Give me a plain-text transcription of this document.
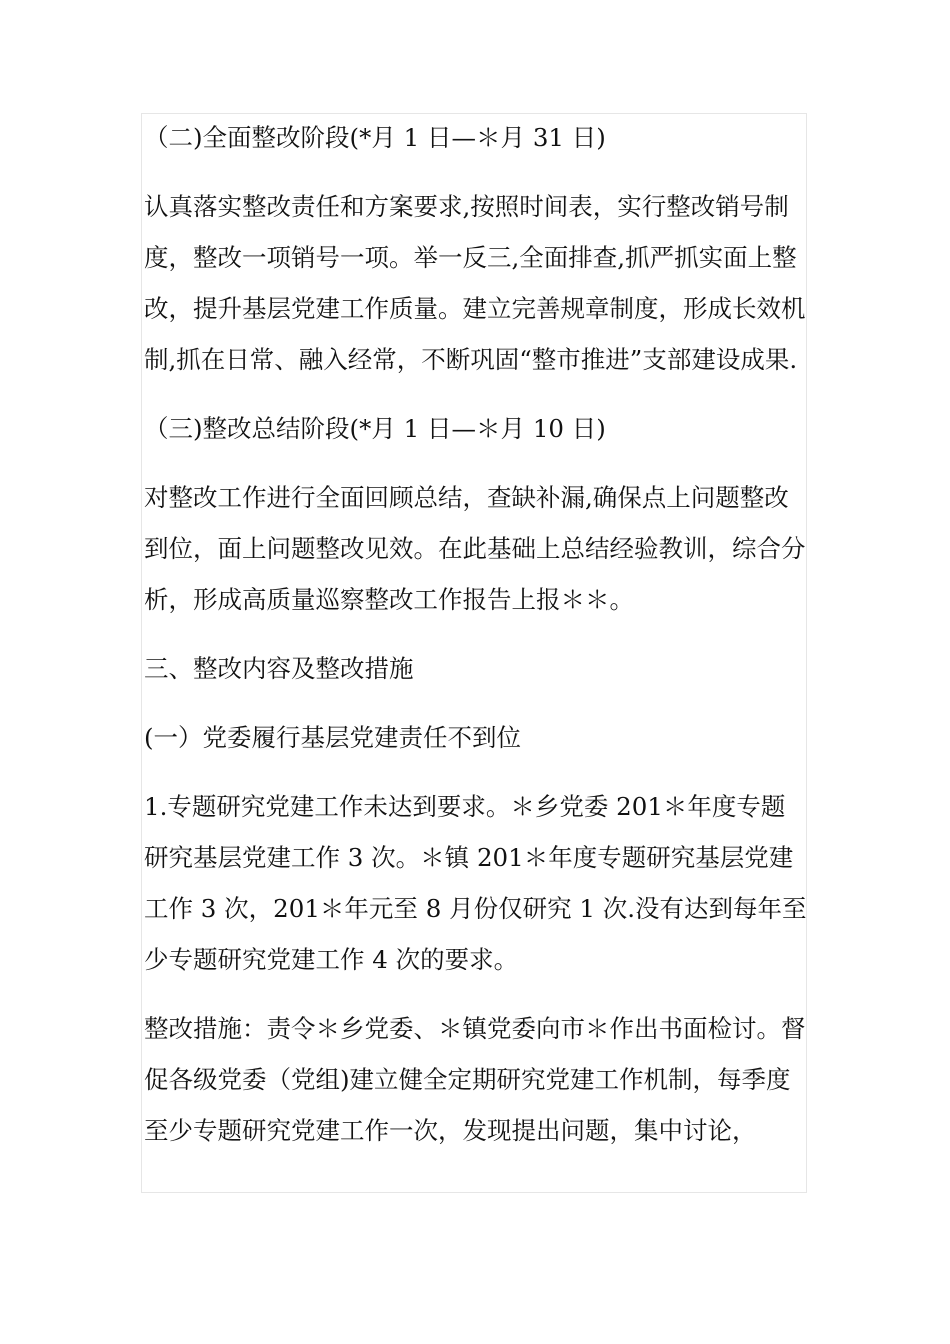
（二)全面整改阶段(*月 1 日—＊月 31 日)

认真落实整改责任和方案要求,按照时间表，实行整改销号制度，整改一项销号一项。举一反三,全面排查,抓严抓实面上整改，提升基层党建工作质量。建立完善规章制度，形成长效机制,抓在日常、融入经常，不断巩固“整市推进”支部建设成果.

（三)整改总结阶段(*月 1 日—＊月 10 日)

对整改工作进行全面回顾总结，查缺补漏,确保点上问题整改到位，面上问题整改见效。在此基础上总结经验教训，综合分析，形成高质量巡察整改工作报告上报＊＊。

三、整改内容及整改措施

(一）党委履行基层党建责任不到位

1.专题研究党建工作未达到要求。＊乡党委 201＊年度专题研究基层党建工作 3 次。＊镇 201＊年度专题研究基层党建工作 3 次，201＊年元至 8 月份仅研究 1 次.没有达到每年至少专题研究党建工作 4 次的要求。

整改措施：责令＊乡党委、＊镇党委向市＊作出书面检讨。督促各级党委（党组)建立健全定期研究党建工作机制，每季度至少专题研究党建工作一次，发现提出问题，集中讨论，
